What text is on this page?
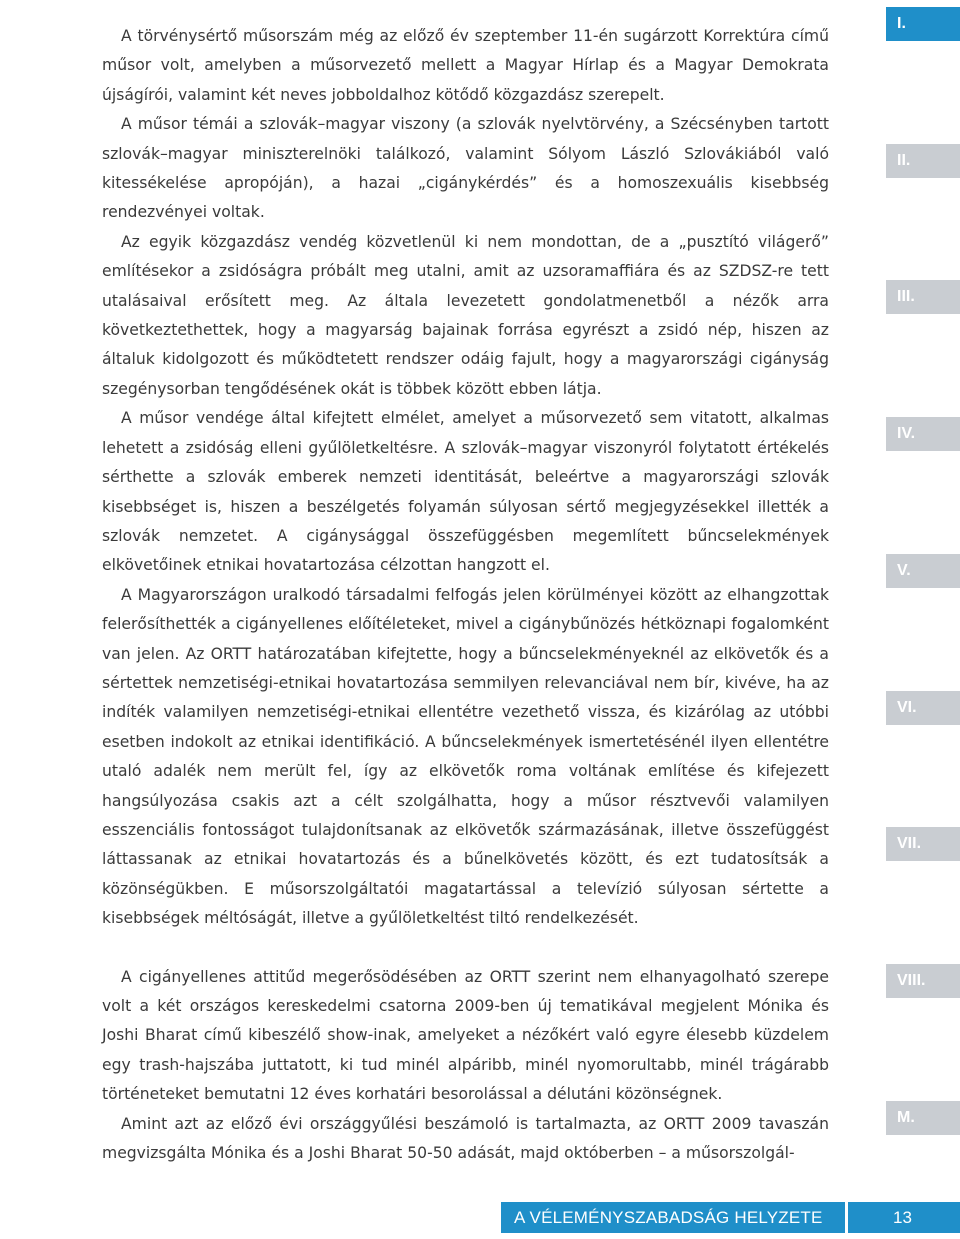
A törvénysértő műsorszám még az előző év szeptember 11-én sugárzott Korrektúra című műsor volt, amelyben a műsorvezető mellett a Magyar Hírlap és a Magyar Demokrata újságírói, valamint két neves jobboldalhoz kötődő közgazdász szerepelt.

A műsor témái a szlovák–magyar viszony (a szlovák nyelvtörvény, a Szécsényben tartott szlovák–magyar miniszterelnöki találkozó, valamint Sólyom László Szlovákiából való kitessékelése apropóján), a hazai „cigánykérdés” és a homoszexuális kisebbség rendezvényei voltak.

Az egyik közgazdász vendég közvetlenül ki nem mondottan, de a „pusztító világerő” említésekor a zsidóságra próbált meg utalni, amit az uzsoramaffiára és az SZDSZ-re tett utalásaival erősített meg. Az általa levezetett gondolatmenetből a nézők arra következtethettek, hogy a magyarság bajainak forrása egyrészt a zsidó nép, hiszen az általuk kidolgozott és működtetett rendszer odáig fajult, hogy a magyarországi cigányság szegénysorban tengődésének okát is többek között ebben látja.

A műsor vendége által kifejtett elmélet, amelyet a műsorvezető sem vitatott, alkalmas lehetett a zsidóság elleni gyűlöletkeltésre. A szlovák–magyar viszonyról folytatott értékelés sérthette a szlovák emberek nemzeti identitását, beleértve a magyarországi szlovák kisebbséget is, hiszen a beszélgetés folyamán súlyosan sértő megjegyzésekkel illették a szlovák nemzetet. A cigánysággal összefüggésben megemlített bűncselekmények elkövetőinek etnikai hovatartozása célzottan hangzott el.

A Magyarországon uralkodó társadalmi felfogás jelen körülményei között az elhangzottak felerősíthették a cigányellenes előítéleteket, mivel a cigánybűnözés hétköznapi fogalomként van jelen. Az ORTT határozatában kifejtette, hogy a bűncselekményeknél az elkövetők és a sértettek nemzetiségi-etnikai hovatartozása semmilyen relevanciával nem bír, kivéve, ha az indíték valamilyen nemzetiségi-etnikai ellentétre vezethető vissza, és kizárólag az utóbbi esetben indokolt az etnikai identifikáció. A bűncselekmények ismertetésénél ilyen ellentétre utaló adalék nem merült fel, így az elkövetők roma voltának említése és kifejezett hangsúlyozása csakis azt a célt szolgálhatta, hogy a műsor résztvevői valamilyen esszenciális fontosságot tulajdonítsanak az elkövetők származásának, illetve összefüggést láttassanak az etnikai hovatartozás és a bűnelkövetés között, és ezt tudatosítsák a közönségükben. E műsorszolgáltatói magatartással a televízió súlyosan sértette a kisebbségek méltóságát, illetve a gyűlöletkeltést tiltó rendelkezését.

A cigányellenes attitűd megerősödésében az ORTT szerint nem elhanyagolható szerepe volt a két országos kereskedelmi csatorna 2009-ben új tematikával megjelent Mónika és Joshi Bharat című kibeszélő show-inak, amelyeket a nézőkért való egyre élesebb küzdelem egy trash-hajszába juttatott, ki tud minél alpáribb, minél nyomorultabb, minél trágárabb történeteket bemutatni 12 éves korhatári besorolással a délutáni közönségnek.

Amint azt az előző évi országgyűlési beszámoló is tartalmazta, az ORTT 2009 tavaszán megvizsgálta Mónika és a Joshi Bharat 50-50 adását, majd októberben – a műsorszolgál-

I.
II.
III.
IV.
V.
VI.
VII.
VIII.
M.
A VÉLEMÉNYSZABADSÁG HELYZETE	13
